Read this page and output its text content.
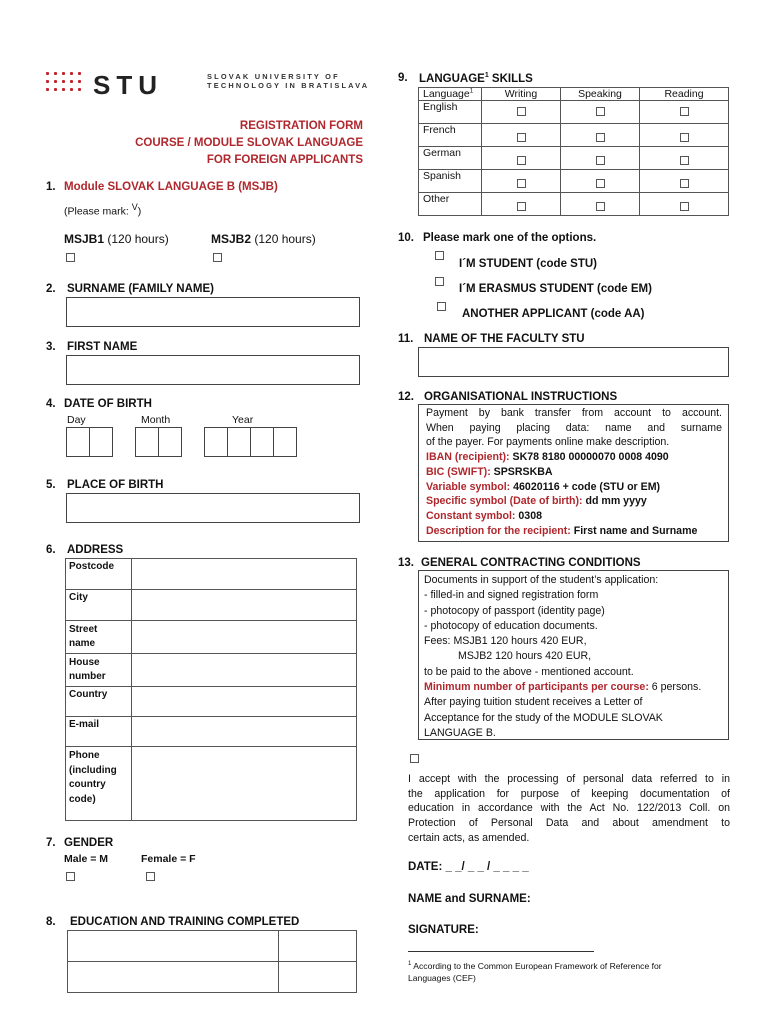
STU	SLOVAK UNIVERSITY OF
TECHNOLOGY IN BRATISLAVA
REGISTRATION FORM
COURSE / MODULE SLOVAK LANGUAGE
FOR FOREIGN APPLICANTS
1. Module SLOVAK LANGUAGE B (MSJB)
(Please mark: $^V$)
MSJB1 (120 hours)	MSJB2 (120 hours)
2. SURNAME (FAMILY NAME)
3. FIRST NAME
4. DATE OF BIRTH
Day	Month	Year
5. PLACE OF BIRTH
6. ADDRESS
Postcode	
City	

Street
name	

House
number	

Country	
E-mail	

Phone
(including
country
code)	

7. GENDER
Male = M	Female = F
8. EDUCATION AND TRAINING COMPLETED

9. LANGUAGE$^1$ SKILLS
Language$^1$	Writing	Speaking	Reading
English	

French	

German	

Spanish	

Other	

10. Please mark one of the options.
I´M STUDENT (code STU)
I´M ERASMUS STUDENT (code EM)
ANOTHER APPLICANT (code AA)
11. NAME OF THE FACULTY STU
12. ORGANISATIONAL INSTRUCTIONS
Payment by bank transfer from account to account.
When paying placing data: name and surname
of the payer. For payments online make description.
IBAN (recipient): SK78 8180 00000070 0008 4090
BIC (SWIFT): SPSRSKBA
Variable symbol: 46020116 + code (STU or EM)
Specific symbol (Date of birth): dd mm yyyy
Constant symbol: 0308
Description for the recipient: First name and Surname
13. GENERAL CONTRACTING CONDITIONS
Documents in support of the student’s application:
- filled-in and signed registration form
- photocopy of passport (identity page)
- photocopy of education documents.
Fees: MSJB1 120 hours 420 EUR,
MSJB2 120 hours 420 EUR,
to be paid to the above - mentioned account.
Minimum number of participants per course: 6 persons.
After paying tuition student receives a Letter of
Acceptance for the study of the MODULE SLOVAK
LANGUAGE B.
I accept with the processing of personal data referred to in
the application for purpose of keeping documentation of
education in accordance with the Act No. 122/2013 Coll. on
Protection of Personal Data and about amendment to
certain acts, as amended.
DATE: _ _/ _ _ / _ _ _ _
NAME and SURNAME:
SIGNATURE:
$^1$ According to the Common European Framework of Reference for
Languages (CEF)
